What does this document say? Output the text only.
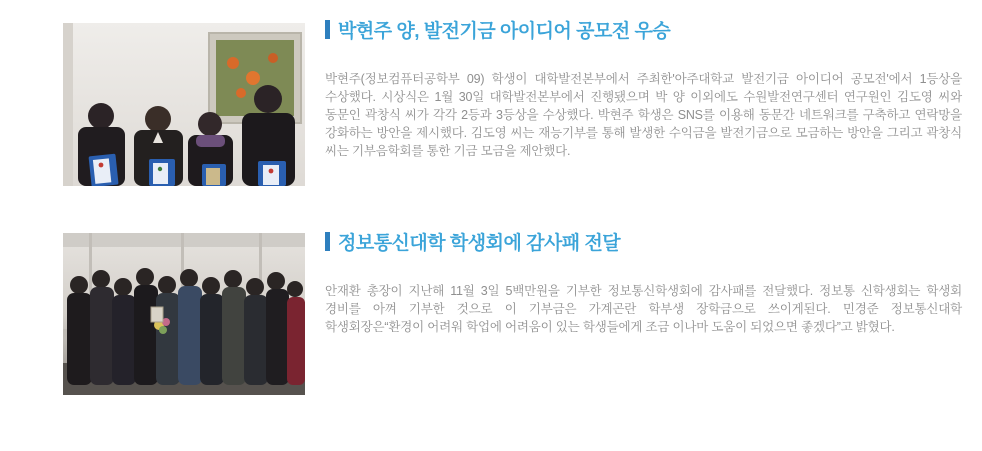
박현주 양, 발전기금 아이디어 공모전 우승

박현주(정보컴퓨터공학부 09) 학생이 대학발전본부에서 주최한'아주대학교 발전기금 아이디어 공모전'에서 1등상을 수상했다. 시상식은 1월 30일 대학발전본부에서 진행됐으며 박 양 이외에도 수원발전연구센터 연구원인 김도영 씨와 동문인 곽창식 씨가 각각 2등과 3등상을 수상했다. 박현주 학생은 SNS를 이용해 동문간 네트워크를 구축하고 연락망을 강화하는 방안을 제시했다. 김도영 씨는 재능기부를 통해 발생한 수익금을 발전기금으로 모금하는 방안을 그리고 곽창식 씨는 기부음학회를 통한 기금 모금을 제안했다.

정보통신대학 학생회에 감사패 전달

안재환 총장이 지난해 11월 3일 5백만원을 기부한 정보통신학생회에 감사패를 전달했다. 정보통 신학생회는 학생회 경비를 아껴 기부한 것으로 이 기부금은 가계곤란 학부생 장학금으로 쓰이게된다. 민경준 정보통신대학 학생회장은“환경이 어려워 학업에 어려움이 있는 학생들에게 조금 이나마 도움이 되었으면 좋겠다”고 밝혔다.
